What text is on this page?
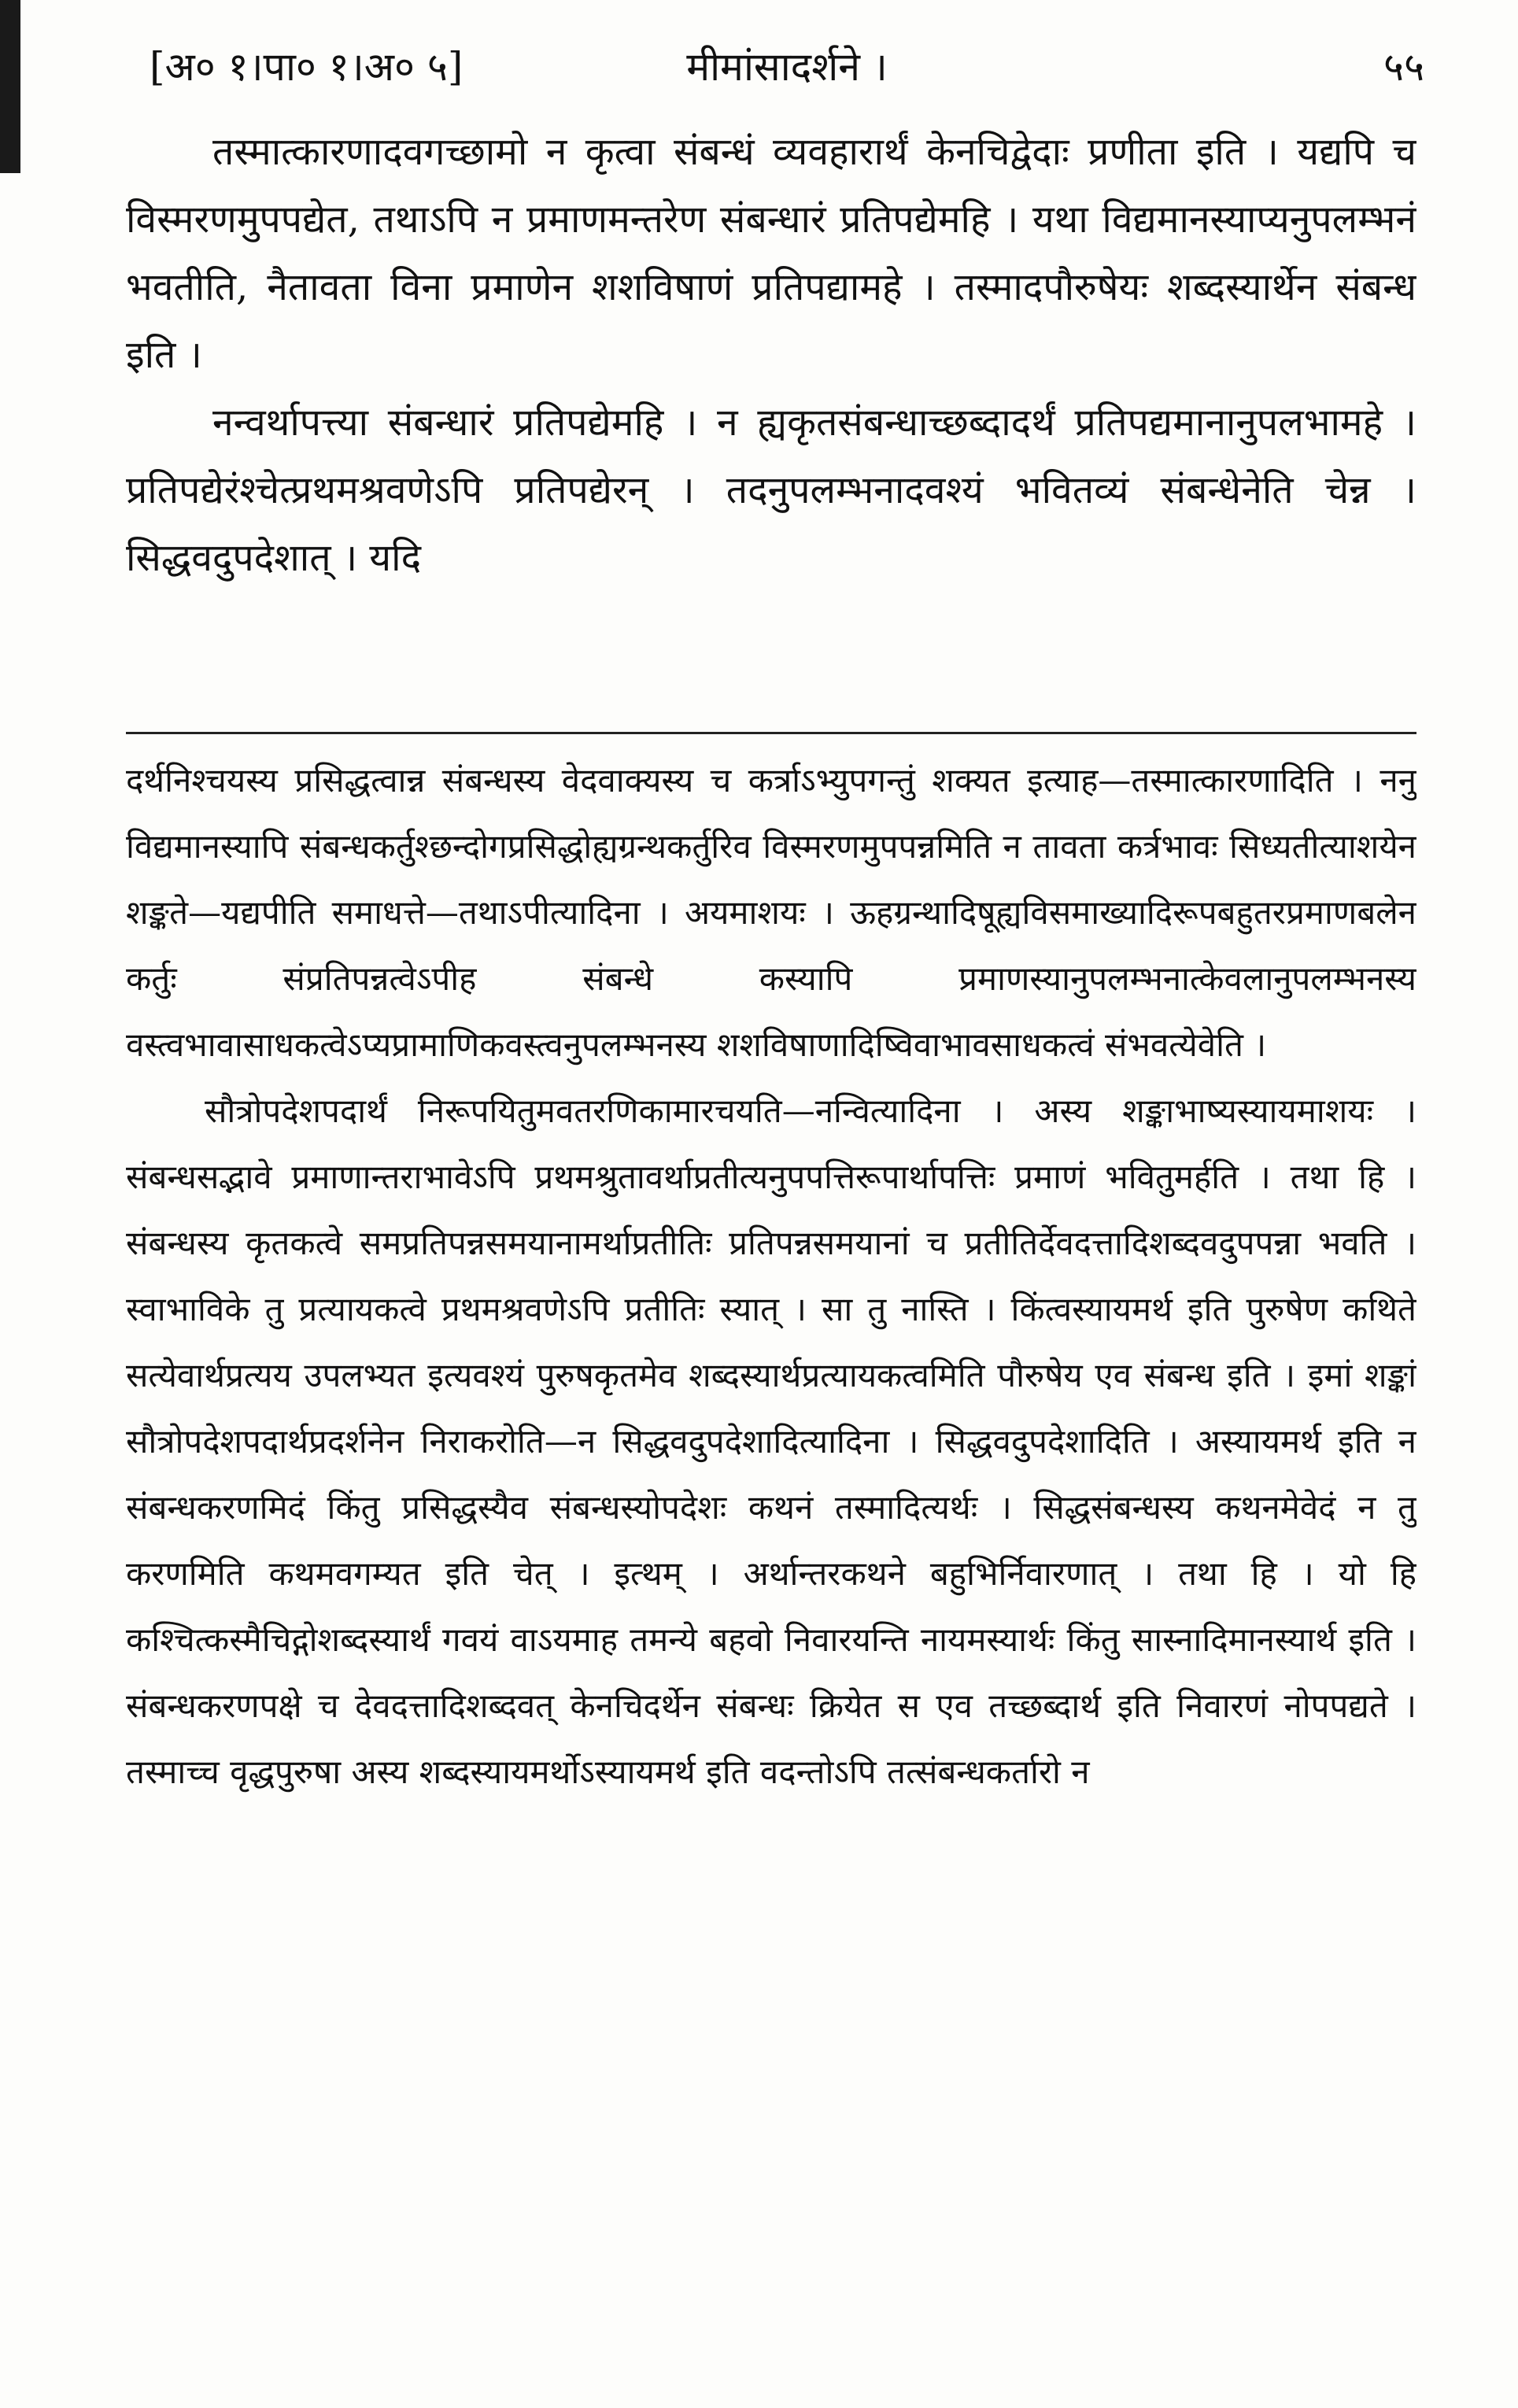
[अ० १।पा० १।अ० ५]	मीमांसादर्शने ।	५५

तस्मात्कारणादवगच्छामो न कृत्वा संबन्धं व्यवहारार्थं केनचिद्वेदाः प्रणीता इति । यद्यपि च विस्मरणमुपपद्येत, तथाऽपि न प्रमाणमन्तरेण संबन्धारं प्रतिपद्येमहि । यथा विद्यमानस्याप्यनुपलम्भनं भवतीति, नैतावता विना प्रमाणेन शशविषाणं प्रतिपद्यामहे । तस्मादपौरुषेयः शब्दस्यार्थेन संबन्ध इति ।

नन्वर्थापत्त्या संबन्धारं प्रतिपद्येमहि । न ह्यकृतसंबन्धाच्छब्दादर्थं प्रतिपद्यमानानुपलभामहे । प्रतिपद्येरंश्चेत्प्रथमश्रवणेऽपि प्रतिपद्येरन् । तदनुपलम्भनादवश्यं भवितव्यं संबन्धेनेति चेन्न । सिद्धवदुपदेशात् । यदि

दर्थनिश्चयस्य प्रसिद्धत्वान्न संबन्धस्य वेदवाक्यस्य च कर्त्राऽभ्युपगन्तुं शक्यत इत्याह—तस्मात्कारणादिति । ननु विद्यमानस्यापि संबन्धकर्तुश्छन्दोगप्रसिद्धोह्यग्रन्थकर्तुरिव विस्मरणमुपपन्नमिति न तावता कर्त्रभावः सिध्यतीत्याशयेन शङ्कते—यद्यपीति समाधत्ते—तथाऽपीत्यादिना । अयमाशयः । ऊहग्रन्थादिषूह्यविसमाख्यादिरूपबहुतरप्रमाणबलेन कर्तुः संप्रतिपन्नत्वेऽपीह संबन्धे कस्यापि प्रमाणस्यानुपलम्भनात्केवलानुपलम्भनस्य वस्त्वभावासाधकत्वेऽप्यप्रामाणिकवस्त्वनुपलम्भनस्य शशविषाणादिष्विवाभावसाधकत्वं संभवत्येवेति ।

सौत्रोपदेशपदार्थं निरूपयितुमवतरणिकामारचयति—नन्वित्यादिना । अस्य शङ्काभाष्यस्यायमाशयः । संबन्धसद्भावे प्रमाणान्तराभावेऽपि प्रथमश्रुतावर्थाप्रतीत्यनुपपत्तिरूपार्थापत्तिः प्रमाणं भवितुमर्हति । तथा हि । संबन्धस्य कृतकत्वे समप्रतिपन्नसमयानामर्थाप्रतीतिः प्रतिपन्नसमयानां च प्रतीतिर्देवदत्तादिशब्दवदुपपन्ना भवति । स्वाभाविके तु प्रत्यायकत्वे प्रथमश्रवणेऽपि प्रतीतिः स्यात् । सा तु नास्ति । किंत्वस्यायमर्थ इति पुरुषेण कथिते सत्येवार्थप्रत्यय उपलभ्यत इत्यवश्यं पुरुषकृतमेव शब्दस्यार्थप्रत्यायकत्वमिति पौरुषेय एव संबन्ध इति । इमां शङ्कां सौत्रोपदेशपदार्थप्रदर्शनेन निराकरोति—न सिद्धवदुपदेशादित्यादिना । सिद्धवदुपदेशादिति । अस्यायमर्थ इति न संबन्धकरणमिदं किंतु प्रसिद्धस्यैव संबन्धस्योपदेशः कथनं तस्मादित्यर्थः । सिद्धसंबन्धस्य कथनमेवेदं न तु करणमिति कथमवगम्यत इति चेत् । इत्थम् । अर्थान्तरकथने बहुभिर्निवारणात् । तथा हि । यो हि कश्चित्कस्मैचिद्गोशब्दस्यार्थं गवयं वाऽयमाह तमन्ये बहवो निवारयन्ति नायमस्यार्थः किंतु सास्नादिमानस्यार्थ इति । संबन्धकरणपक्षे च देवदत्तादिशब्दवत् केनचिदर्थेन संबन्धः क्रियेत स एव तच्छब्दार्थ इति निवारणं नोपपद्यते । तस्माच्च वृद्धपुरुषा अस्य शब्दस्यायमर्थोऽस्यायमर्थ इति वदन्तोऽपि तत्संबन्धकर्तारो न
